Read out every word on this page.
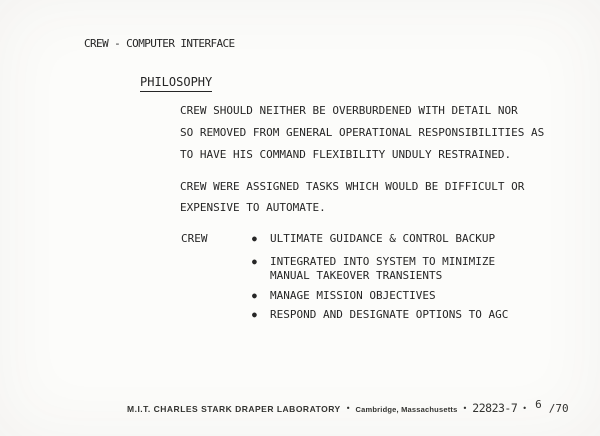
CREW - COMPUTER INTERFACE
PHILOSOPHY
CREW SHOULD NEITHER BE OVERBURDENED WITH DETAIL NOR
SO REMOVED FROM GENERAL OPERATIONAL RESPONSIBILITIES AS
TO HAVE HIS COMMAND FLEXIBILITY UNDULY RESTRAINED.
CREW WERE ASSIGNED TASKS WHICH WOULD BE DIFFICULT OR
EXPENSIVE TO AUTOMATE.
CREW	●	ULTIMATE GUIDANCE & CONTROL BACKUP
●	INTEGRATED INTO SYSTEM TO MINIMIZE
MANUAL TAKEOVER TRANSIENTS
●	MANAGE MISSION OBJECTIVES
●	RESPOND AND DESIGNATE OPTIONS TO AGC
M.I.T. CHARLES STARK DRAPER LABORATORY • Cambridge, Massachusetts • 22823-7 • 6 /70
